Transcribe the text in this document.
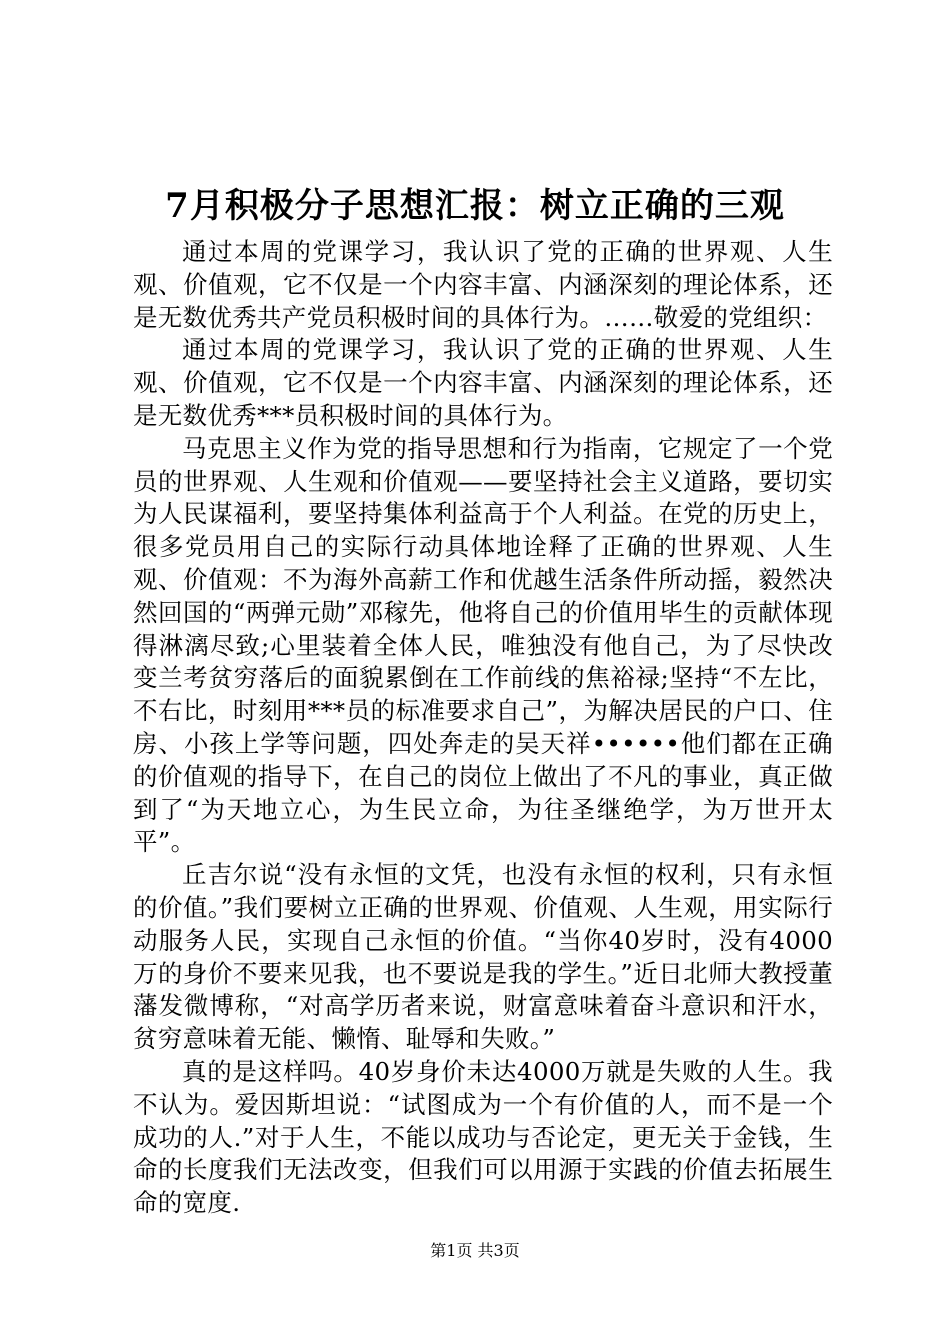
7月积极分子思想汇报：树立正确的三观

通过本周的党课学习，我认识了党的正确的世界观、人生观、价值观，它不仅是一个内容丰富、内涵深刻的理论体系，还是无数优秀共产党员积极时间的具体行为。……敬爱的党组织：

通过本周的党课学习，我认识了党的正确的世界观、人生观、价值观，它不仅是一个内容丰富、内涵深刻的理论体系，还是无数优秀***员积极时间的具体行为。

马克思主义作为党的指导思想和行为指南，它规定了一个党员的世界观、人生观和价值观——要坚持社会主义道路，要切实为人民谋福利，要坚持集体利益高于个人利益。在党的历史上，很多党员用自己的实际行动具体地诠释了正确的世界观、人生观、价值观：不为海外高薪工作和优越生活条件所动摇，毅然决然回国的“两弹元勋”邓稼先，他将自己的价值用毕生的贡献体现得淋漓尽致;心里装着全体人民，唯独没有他自己，为了尽快改变兰考贫穷落后的面貌累倒在工作前线的焦裕禄;坚持“不左比，不右比，时刻用***员的标准要求自己”，为解决居民的户口、住房、小孩上学等问题，四处奔走的吴天祥••••••他们都在正确的价值观的指导下，在自己的岗位上做出了不凡的事业，真正做到了“为天地立心，为生民立命，为往圣继绝学，为万世开太平”。

丘吉尔说“没有永恒的文凭，也没有永恒的权利，只有永恒的价值。”我们要树立正确的世界观、价值观、人生观，用实际行动服务人民，实现自己永恒的价值。“当你40岁时，没有4000万的身价不要来见我，也不要说是我的学生。”近日北师大教授董藩发微博称，“对高学历者来说，财富意味着奋斗意识和汗水，贫穷意味着无能、懒惰、耻辱和失败。”

真的是这样吗。40岁身价未达4000万就是失败的人生。我不认为。爱因斯坦说：“试图成为一个有价值的人，而不是一个成功的人.”对于人生，不能以成功与否论定，更无关于金钱，生命的长度我们无法改变，但我们可以用源于实践的价值去拓展生命的宽度.

第1页 共3页
